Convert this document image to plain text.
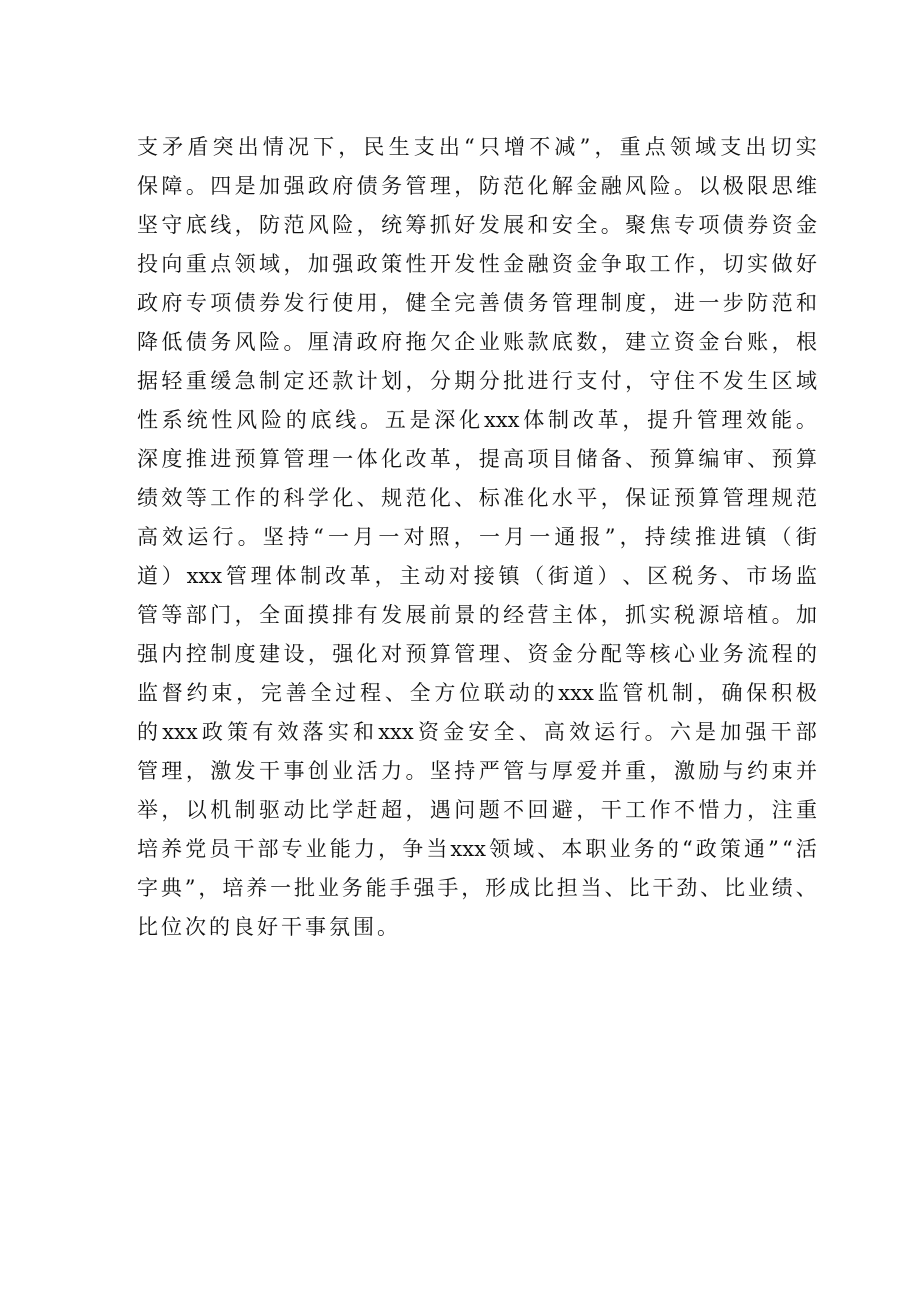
支 矛 盾 突 出 情 况 下 ， 民 生 支 出 “ 只 增 不 减 ” ， 重 点 领 域 支 出 切 实
保 障 。 四 是 加 强 政 府 债 务 管 理 ， 防 范 化 解 金 融 风 险 。 以 极 限 思 维
坚 守 底 线 ， 防 范 风 险 ， 统 筹 抓 好 发 展 和 安 全 。 聚 焦 专 项 债 券 资 金
投 向 重 点 领 域 ， 加 强 政 策 性 开 发 性 金 融 资 金 争 取 工 作 ， 切 实 做 好
政 府 专 项 债 券 发 行 使 用 ， 健 全 完 善 债 务 管 理 制 度 ， 进 一 步 防 范 和
降 低 债 务 风 险 。 厘 清 政 府 拖 欠 企 业 账 款 底 数 ， 建 立 资 金 台 账 ， 根
据 轻 重 缓 急 制 定 还 款 计 划 ， 分 期 分 批 进 行 支 付 ， 守 住 不 发 生 区 域
性 系 统 性 风 险 的 底 线 。 五 是 深 化 xxx 体 制 改 革 ， 提 升 管 理 效 能 。
深 度 推 进 预 算 管 理 一 体 化 改 革 ， 提 高 项 目 储 备 、 预 算 编 审 、 预 算
绩 效 等 工 作 的 科 学 化 、 规 范 化 、 标 准 化 水 平 ， 保 证 预 算 管 理 规 范
高 效 运 行 。 坚 持 “ 一 月 一 对 照 ， 一 月 一 通 报 ” ， 持 续 推 进 镇 （ 街
道 ） xxx 管 理 体 制 改 革 ， 主 动 对 接 镇 （ 街 道 ） 、 区 税 务 、 市 场 监
管 等 部 门 ， 全 面 摸 排 有 发 展 前 景 的 经 营 主 体 ， 抓 实 税 源 培 植 。 加
强 内 控 制 度 建 设 ， 强 化 对 预 算 管 理 、 资 金 分 配 等 核 心 业 务 流 程 的
监 督 约 束 ， 完 善 全 过 程 、 全 方 位 联 动 的 xxx 监 管 机 制 ， 确 保 积 极
的 xxx 政 策 有 效 落 实 和 xxx 资 金 安 全 、 高 效 运 行 。 六 是 加 强 干 部
管 理 ， 激 发 干 事 创 业 活 力 。 坚 持 严 管 与 厚 爱 并 重 ， 激 励 与 约 束 并
举 ， 以 机 制 驱 动 比 学 赶 超 ， 遇 问 题 不 回 避 ， 干 工 作 不 惜 力 ， 注 重
培 养 党 员 干 部 专 业 能 力 ， 争 当 xxx 领 域 、 本 职 业 务 的 “ 政 策 通 ” “ 活
字 典 ” ， 培 养 一 批 业 务 能 手 强 手 ， 形 成 比 担 当 、 比 干 劲 、 比 业 绩 、
比 位 次 的 良 好 干 事 氛 围 。
